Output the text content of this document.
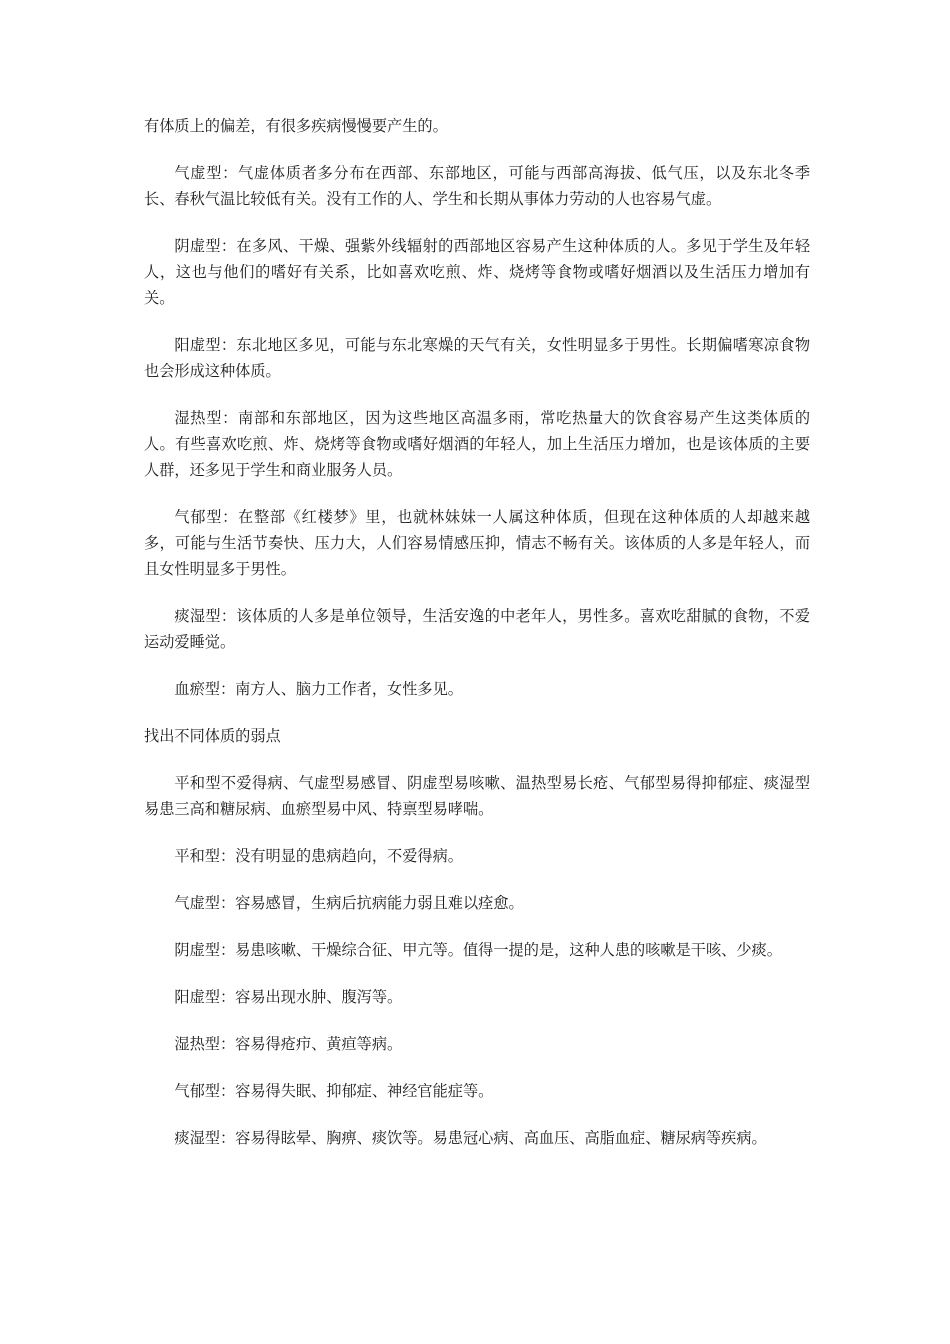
有体质上的偏差，有很多疾病慢慢要产生的。

气虚型：气虚体质者多分布在西部、东部地区，可能与西部高海拔、低气压，以及东北冬季长、春秋气温比较低有关。没有工作的人、学生和长期从事体力劳动的人也容易气虚。

阴虚型：在多风、干燥、强紫外线辐射的西部地区容易产生这种体质的人。多见于学生及年轻人，这也与他们的嗜好有关系，比如喜欢吃煎、炸、烧烤等食物或嗜好烟酒以及生活压力增加有关。

阳虚型：东北地区多见，可能与东北寒燥的天气有关，女性明显多于男性。长期偏嗜寒凉食物也会形成这种体质。

湿热型：南部和东部地区，因为这些地区高温多雨，常吃热量大的饮食容易产生这类体质的人。有些喜欢吃煎、炸、烧烤等食物或嗜好烟酒的年轻人，加上生活压力增加，也是该体质的主要人群，还多见于学生和商业服务人员。

气郁型：在整部《红楼梦》里，也就林妹妹一人属这种体质，但现在这种体质的人却越来越多，可能与生活节奏快、压力大，人们容易情感压抑，情志不畅有关。该体质的人多是年轻人，而且女性明显多于男性。

痰湿型：该体质的人多是单位领导，生活安逸的中老年人，男性多。喜欢吃甜腻的食物，不爱运动爱睡觉。

血瘀型：南方人、脑力工作者，女性多见。

找出不同体质的弱点

平和型不爱得病、气虚型易感冒、阴虚型易咳嗽、温热型易长疮、气郁型易得抑郁症、痰湿型易患三高和糖尿病、血瘀型易中风、特禀型易哮喘。

平和型：没有明显的患病趋向，不爱得病。

气虚型：容易感冒，生病后抗病能力弱且难以痊愈。

阴虚型：易患咳嗽、干燥综合征、甲亢等。值得一提的是，这种人患的咳嗽是干咳、少痰。

阳虚型：容易出现水肿、腹泻等。

湿热型：容易得疮疖、黄疸等病。

气郁型：容易得失眠、抑郁症、神经官能症等。

痰湿型：容易得眩晕、胸痹、痰饮等。易患冠心病、高血压、高脂血症、糖尿病等疾病。
